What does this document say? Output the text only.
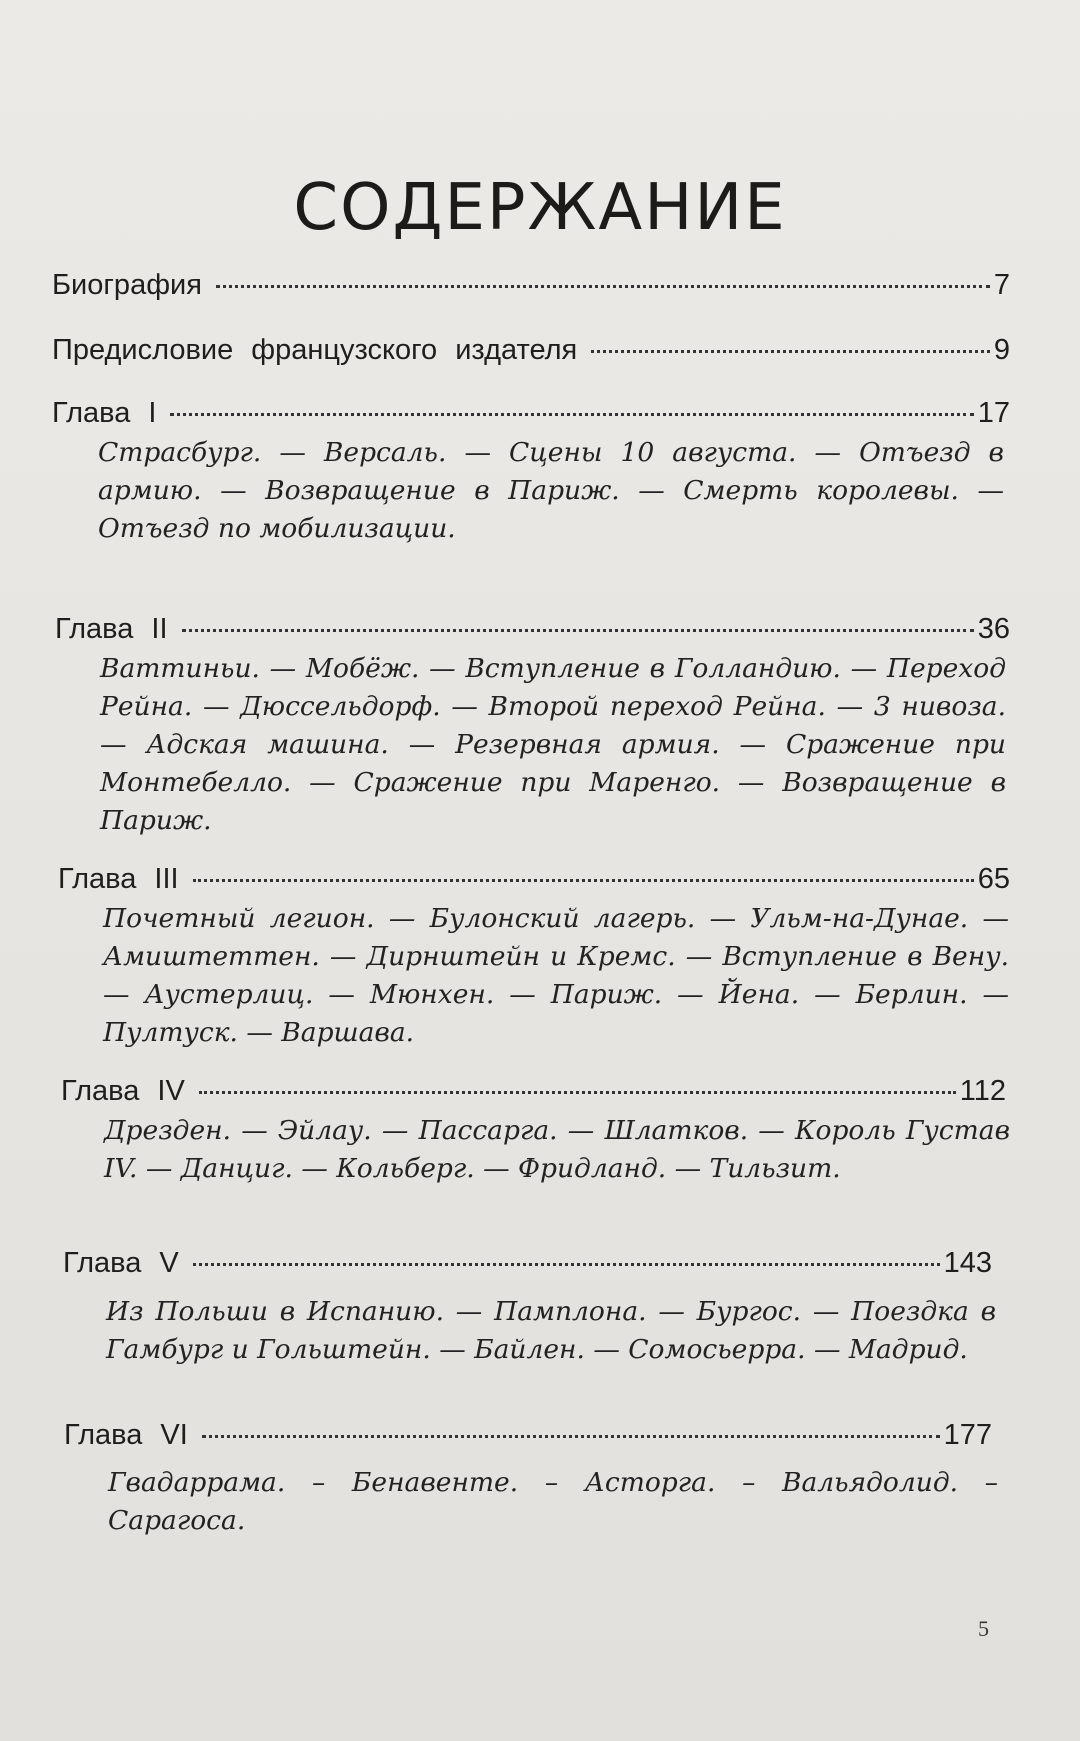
СОДЕРЖАНИЕ
Биография	7
Предисловие французского издателя	9
Глава I	17

Страсбург. — Версаль. — Сцены 10 августа. — Отъезд в армию. — Возвращение в Париж. — Смерть королевы. — Отъезд по мобилизации.

Глава II	36

Ваттиньи. — Мобёж. — Вступление в Голландию. — Переход Рейна. — Дюссельдорф. — Второй переход Рейна. — 3 нивоза. — Адская машина. — Резервная армия. — Сражение при Монтебелло. — Сражение при Маренго. — Возвращение в Париж.

Глава III	65

Почетный легион. — Булонский лагерь. — Ульм-на-Дунае. — Амиштеттен. — Дирнштейн и Кремс. — Вступление в Вену. — Аустерлиц. — Мюнхен. — Париж. — Йена. — Берлин. — Пултуск. — Варшава.

Глава IV	112

Дрезден. — Эйлау. — Пассарга. — Шлатков. — Король Густав IV. — Данциг. — Кольберг. — Фридланд. — Тильзит.

Глава V	143

Из Польши в Испанию. — Памплона. — Бургос. — Поездка в Гамбург и Гольштейн. — Байлен. — Сомосьерра. — Мадрид.

Глава VI	177

Гвадаррама. – Бенавенте. – Асторга. – Вальядолид. – Сарагоса.

5
